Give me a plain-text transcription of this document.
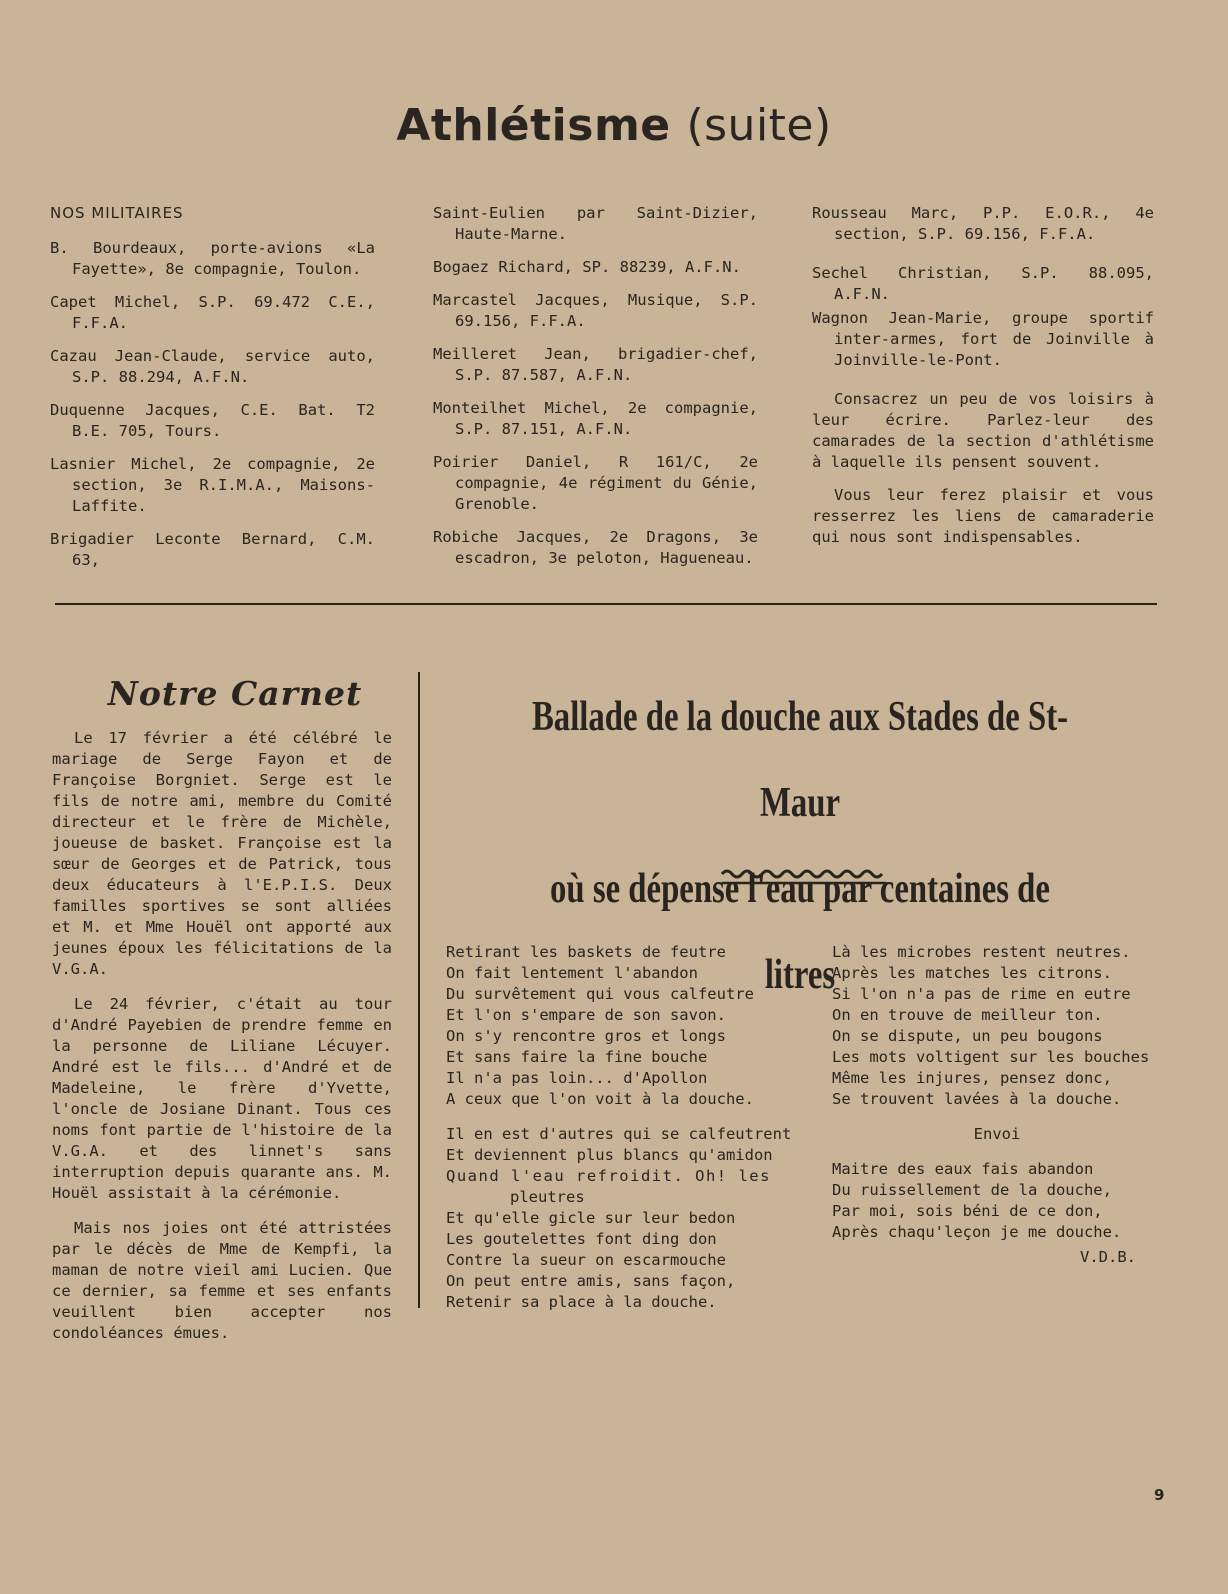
Athlétisme (suite)
NOS MILITAIRES
B. Bourdeaux, porte-avions «La Fayette», 8e compagnie, Toulon.
Capet Michel, S.P. 69.472 C.E., F.F.A.
Cazau Jean-Claude, service auto, S.P. 88.294, A.F.N.
Duquenne Jacques, C.E. Bat. T2 B.E. 705, Tours.
Lasnier Michel, 2e compagnie, 2e section, 3e R.I.M.A., Maisons-Laffite.
Brigadier Leconte Bernard, C.M. 63,
Saint-Eulien par Saint-Dizier, Haute-Marne.
Bogaez Richard, SP. 88239, A.F.N.
Marcastel Jacques, Musique, S.P. 69.156, F.F.A.
Meilleret Jean, brigadier-chef, S.P. 87.587, A.F.N.
Monteilhet Michel, 2e compagnie, S.P. 87.151, A.F.N.
Poirier Daniel, R 161/C, 2e compagnie, 4e régiment du Génie, Grenoble.
Robiche Jacques, 2e Dragons, 3e escadron, 3e peloton, Hagueneau.
Rousseau Marc, P.P. E.O.R., 4e section, S.P. 69.156, F.F.A.
Sechel Christian, S.P. 88.095, A.F.N.
Wagnon Jean-Marie, groupe sportif inter-armes, fort de Joinville à Joinville-le-Pont.

Consacrez un peu de vos loisirs à leur écrire. Parlez-leur des camarades de la section d'athlétisme à laquelle ils pensent souvent.

Vous leur ferez plaisir et vous resserrez les liens de camaraderie qui nous sont indispensables.

Notre Carnet

Le 17 février a été célébré le mariage de Serge Fayon et de Françoise Borgniet. Serge est le fils de notre ami, membre du Comité directeur et le frère de Michèle, joueuse de basket. Françoise est la sœur de Georges et de Patrick, tous deux éducateurs à l'E.P.I.S. Deux familles sportives se sont alliées et M. et Mme Houël ont apporté aux jeunes époux les félicitations de la V.G.A.

Le 24 février, c'était au tour d'André Payebien de prendre femme en la personne de Liliane Lécuyer. André est le fils... d'André et de Madeleine, le frère d'Yvette, l'oncle de Josiane Dinant. Tous ces noms font partie de l'histoire de la V.G.A. et des linnet's sans interruption depuis quarante ans. M. Houël assistait à la cérémonie.

Mais nos joies ont été attristées par le décès de Mme de Kempfi, la maman de notre vieil ami Lucien. Que ce dernier, sa femme et ses enfants veuillent bien accepter nos condoléances émues.

Ballade de la douche aux Stades de St-Maur
où se dépense l'eau par centaines de litres
Retirant les baskets de feutre
On fait lentement l'abandon
Du survêtement qui vous calfeutre
Et l'on s'empare de son savon.
On s'y rencontre gros et longs
Et sans faire la fine bouche
Il n'a pas loin... d'Apollon
A ceux que l'on voit à la douche.
Il en est d'autres qui se calfeutrent
Et deviennent plus blancs qu'amidon
Quand l'eau refroidit. Oh! les
pleutres
Et qu'elle gicle sur leur bedon
Les goutelettes font ding don
Contre la sueur on escarmouche
On peut entre amis, sans façon,
Retenir sa place à la douche.
Là les microbes restent neutres.
Après les matches les citrons.
Si l'on n'a pas de rime en eutre
On en trouve de meilleur ton.
On se dispute, un peu bougons
Les mots voltigent sur les bouches
Même les injures, pensez donc,
Se trouvent lavées à la douche.
Envoi
Maitre des eaux fais abandon
Du ruissellement de la douche,
Par moi, sois béni de ce don,
Après chaqu'leçon je me douche.
V.D.B.
9
